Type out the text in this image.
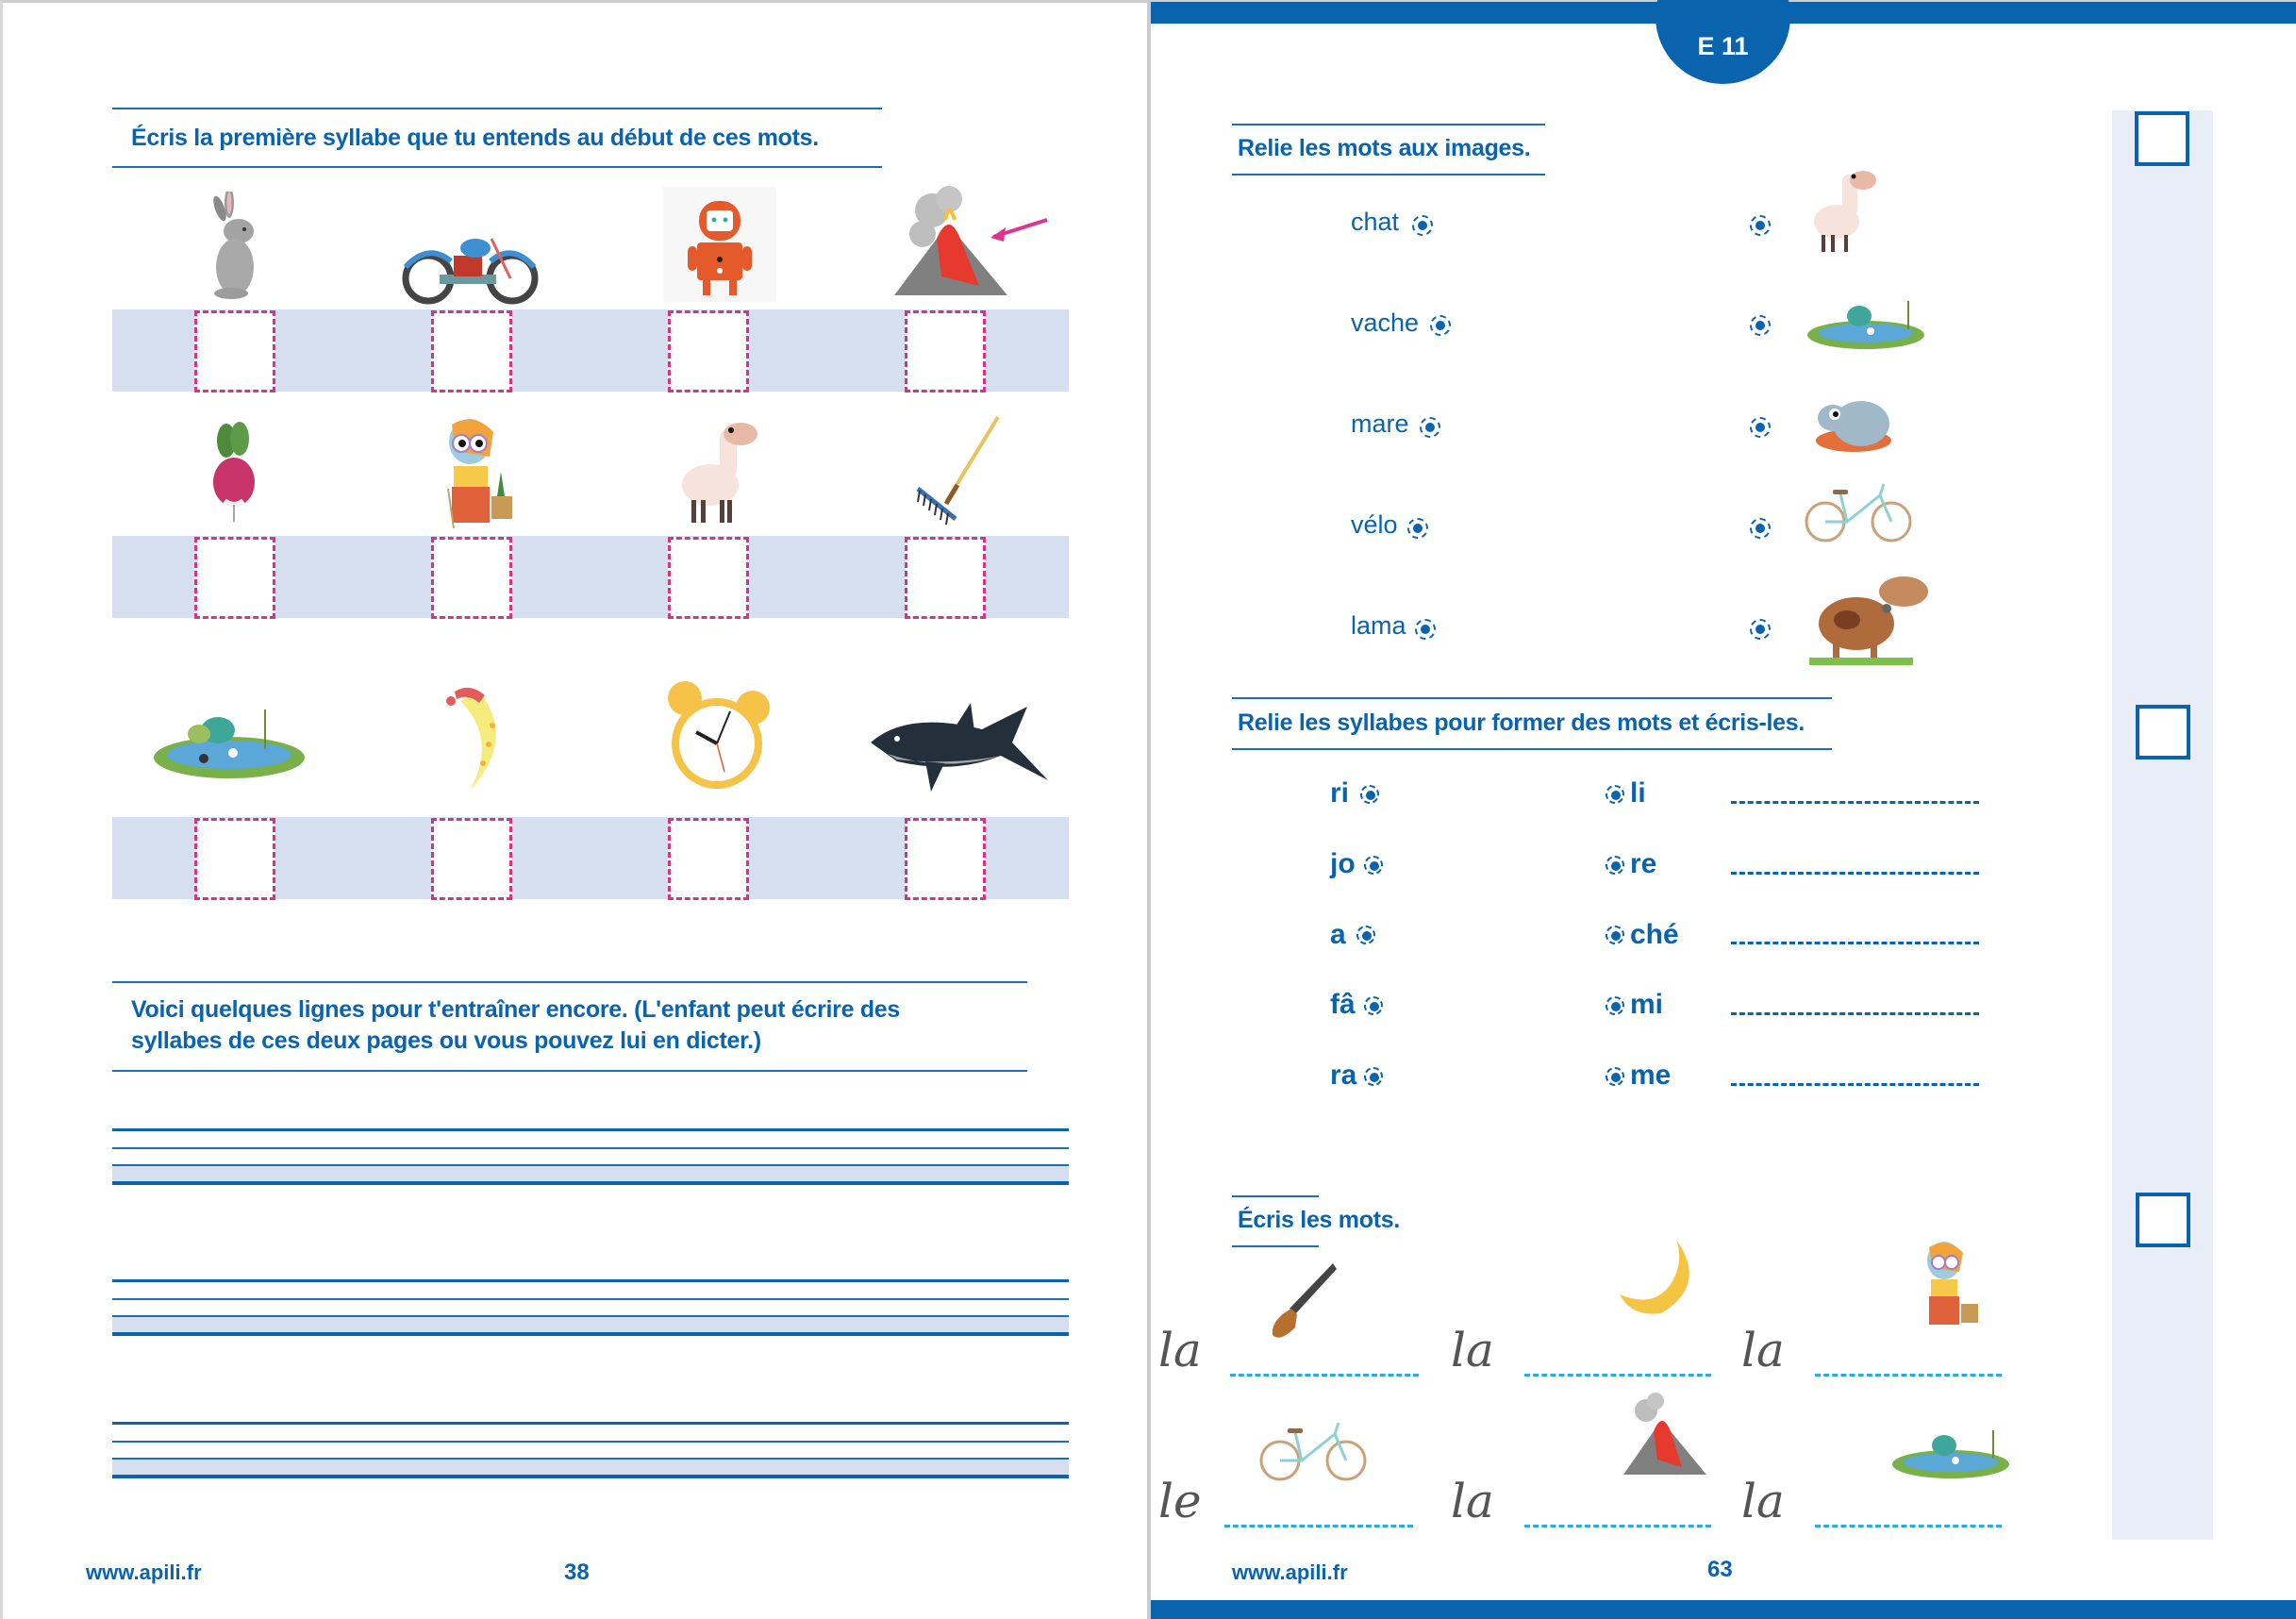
Écris la première syllabe que tu entends au début de ces mots.
Voici quelques lignes pour t'entraîner encore. (L'enfant peut écrire des
syllabes de ces deux pages ou vous pouvez lui en dicter.)
www.apili.fr	38
E 11
Relie les mots aux images.
chat
vache
mare
vélo
lama
Relie les syllabes pour former des mots et écris-les.
ri
jo
a
fâ
ra
li
re
ché
mi
me
Écris les mots.
la	la	la
le	la	la
www.apili.fr	63
